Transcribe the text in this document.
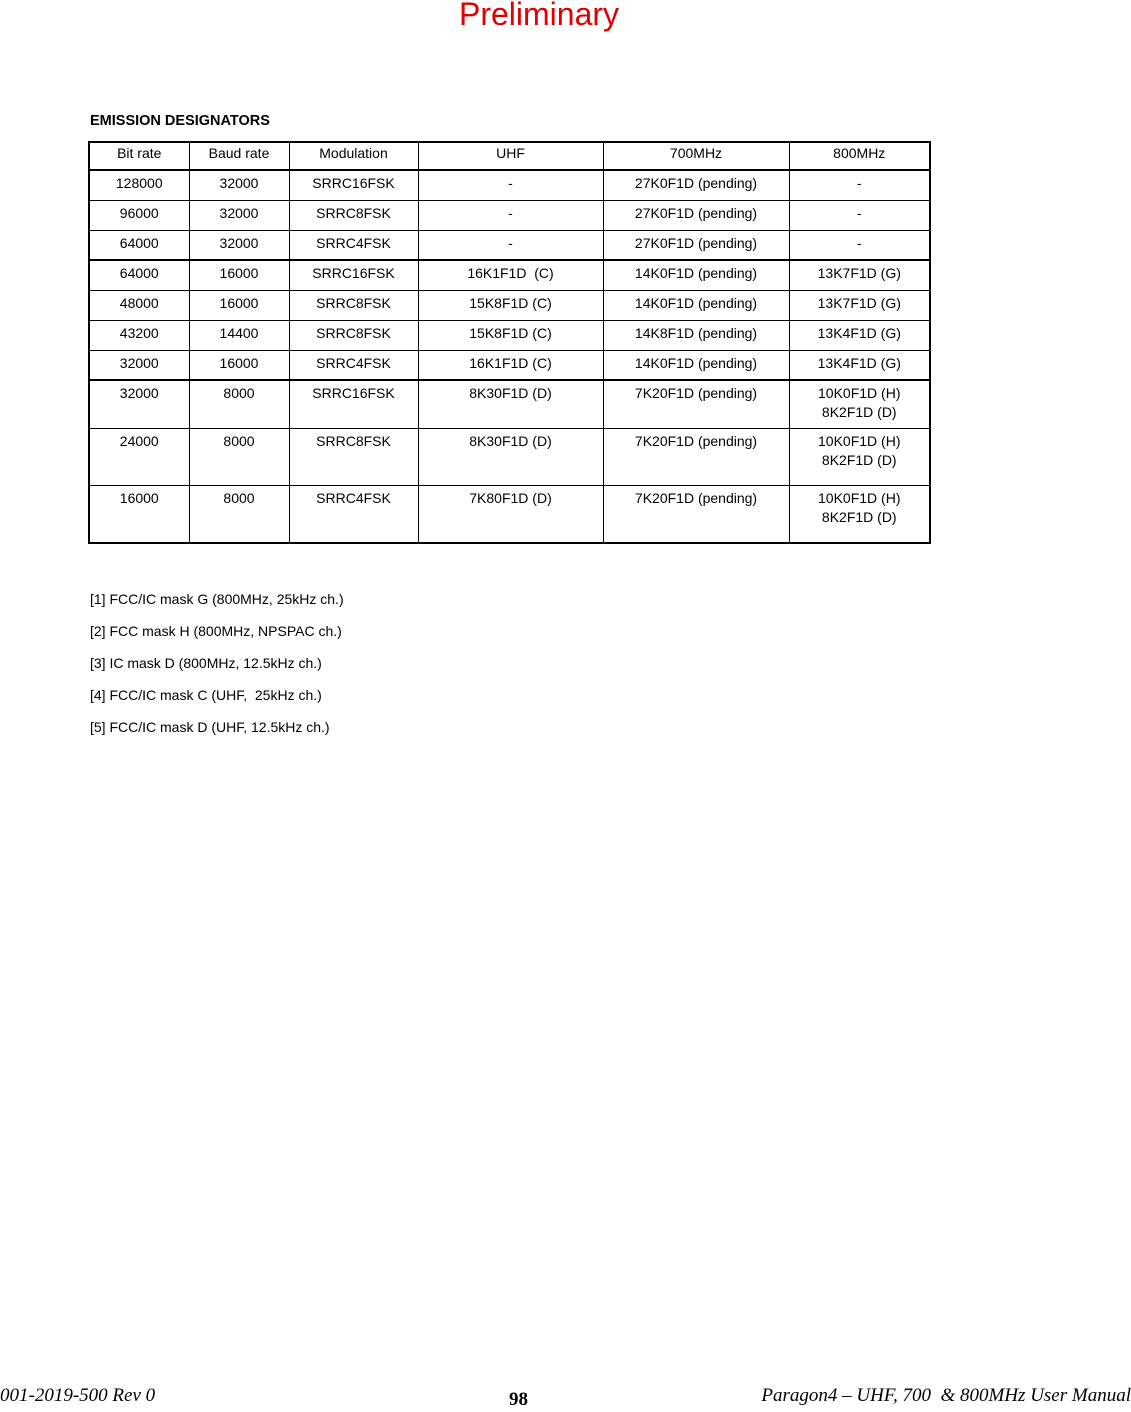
Preliminary
EMISSION DESIGNATORS
Bit rate	Baud rate	Modulation	UHF	700MHz	800MHz
128000	32000	SRRC16FSK	-	27K0F1D (pending)	-

96000	32000	SRRC8FSK	-	27K0F1D (pending)	-

64000	32000	SRRC4FSK	-	27K0F1D (pending)	-

64000	16000	SRRC16FSK	16K1F1D  (C)	14K0F1D (pending)	13K7F1D (G)

48000	16000	SRRC8FSK	15K8F1D (C)	14K0F1D (pending)	13K7F1D (G)

43200	14400	SRRC8FSK	15K8F1D (C)	14K8F1D (pending)	13K4F1D (G)

32000	16000	SRRC4FSK	16K1F1D (C)	14K0F1D (pending)	13K4F1D (G)

32000	8000	SRRC16FSK	8K30F1D (D)	7K20F1D (pending)	10K0F1D (H)
8K2F1D (D)

24000	8000	SRRC8FSK	8K30F1D (D)	7K20F1D (pending)	10K0F1D (H)
8K2F1D (D)

16000	8000	SRRC4FSK	7K80F1D (D)	7K20F1D (pending)	10K0F1D (H)
8K2F1D (D)
[1] FCC/IC mask G (800MHz, 25kHz ch.)
[2] FCC mask H (800MHz, NPSPAC ch.)
[3] IC mask D (800MHz, 12.5kHz ch.)
[4] FCC/IC mask C (UHF,  25kHz ch.)
[5] FCC/IC mask D (UHF, 12.5kHz ch.)
001-2019-500 Rev 0	98	Paragon4 – UHF, 700  & 800MHz User Manual
